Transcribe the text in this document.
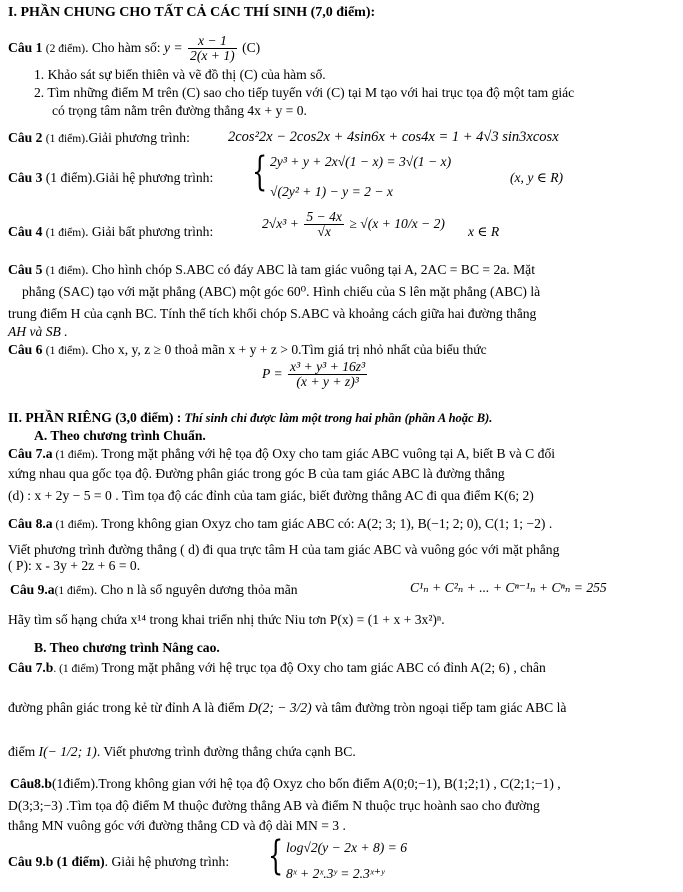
I. PHẦN CHUNG CHO TẤT CẢ CÁC THÍ SINH (7,0 điểm):
Câu 1 (2 điểm). Cho hàm số: $y = \frac{x - 1}{2(x + 1)} (C)$
1. Khảo sát sự biến thiên và vẽ đồ thị (C) của hàm số.
2. Tìm những điểm M trên (C) sao cho tiếp tuyến với (C) tại M tạo với hai trục tọa độ một tam giác
có trọng tâm nằm trên đường thẳng 4x + y = 0.
Câu 2 (1 điểm).Giải phương trình:	2cos²2x − 2cos2x + 4sin6x + cos4x = 1 + 4√3 sin3xcosx
Câu 3 (1 điểm).Giải hệ phương trình: { 2y³ + y + 2x√(1 − x) = 3√(1 − x)
√(2y² + 1) − y = 2 − x
(x, y ∈ R)
Câu 4 (1 điểm). Giải bất phương trình:
$2√x^3 + \frac{5 - 4x}{√x} \ge √(x + 10/x - 2)$
x ∈ R
Câu 5 (1 điểm). Cho hình chóp S.ABC có đáy ABC là tam giác vuông tại A, 2AC = BC = 2a. Mặt
phẳng (SAC) tạo với mặt phẳng (ABC) một góc 60⁰. Hình chiếu của S lên mặt phẳng (ABC) là
trung điểm H của cạnh BC. Tính thể tích khối chóp S.ABC và khoảng cách giữa hai đường thẳng
AH và SB .
Câu 6 (1 điểm). Cho x, y, z ≥ 0 thoả mãn x + y + z > 0.Tìm giá trị nhỏ nhất của biểu thức
$P = \frac{\text{x³ + y³ + 16z³}}{\text{(x + y + z)³}}$
II. PHẦN RIÊNG (3,0 điểm) : Thí sinh chỉ được làm một trong hai phần (phần A hoặc B).
A. Theo chương trình Chuẩn.
Câu 7.a (1 điểm). Trong mặt phẳng với hệ tọa độ Oxy cho tam giác ABC vuông tại A, biết B và C đối
xứng nhau qua gốc tọa độ. Đường phân giác trong góc B của tam giác ABC là đường thẳng
(d) : x + 2y − 5 = 0 . Tìm tọa độ các đỉnh của tam giác, biết đường thẳng AC đi qua điểm K(6; 2)
Câu 8.a (1 điểm). Trong không gian Oxyz cho tam giác ABC có: A(2; 3; 1), B(−1; 2; 0), C(1; 1; −2) .
Viết phương trình đường thẳng ( d) đi qua trực tâm H của tam giác ABC và vuông góc với mặt phẳng
( P): x - 3y + 2z + 6 = 0.
Câu 9.a(1 điểm). Cho n là số nguyên dương thỏa mãn	C¹ₙ + C²ₙ + ... + Cⁿ⁻¹ₙ + Cⁿₙ = 255
Hãy tìm số hạng chứa x¹⁴ trong khai triển nhị thức Niu tơn P(x) = (1 + x + 3x²)ⁿ.
B. Theo chương trình Nâng cao.
Câu 7.b. (1 điểm) Trong mặt phẳng với hệ trục tọa độ Oxy cho tam giác ABC có đỉnh A(2; 6) , chân
đường phân giác trong kẻ từ đỉnh A là điểm D(2; − 3/2) và tâm đường tròn ngoại tiếp tam giác ABC là
điểm I(− 1/2; 1). Viết phương trình đường thẳng chứa cạnh BC.
Câu8.b(1điểm).Trong không gian với hệ tọa độ Oxyz cho bốn điểm A(0;0;−1), B(1;2;1) , C(2;1;−1) ,
D(3;3;−3) .Tìm tọa độ điểm M thuộc đường thẳng AB và điểm N thuộc trục hoành sao cho đường
thẳng MN vuông góc với đường thẳng CD và độ dài MN = 3 .
Câu 9.b (1 điểm). Giải hệ phương trình: { log√2(y − 2x + 8) = 6
8ˣ + 2ˣ.3ʸ = 2.3ˣ⁺ʸ
